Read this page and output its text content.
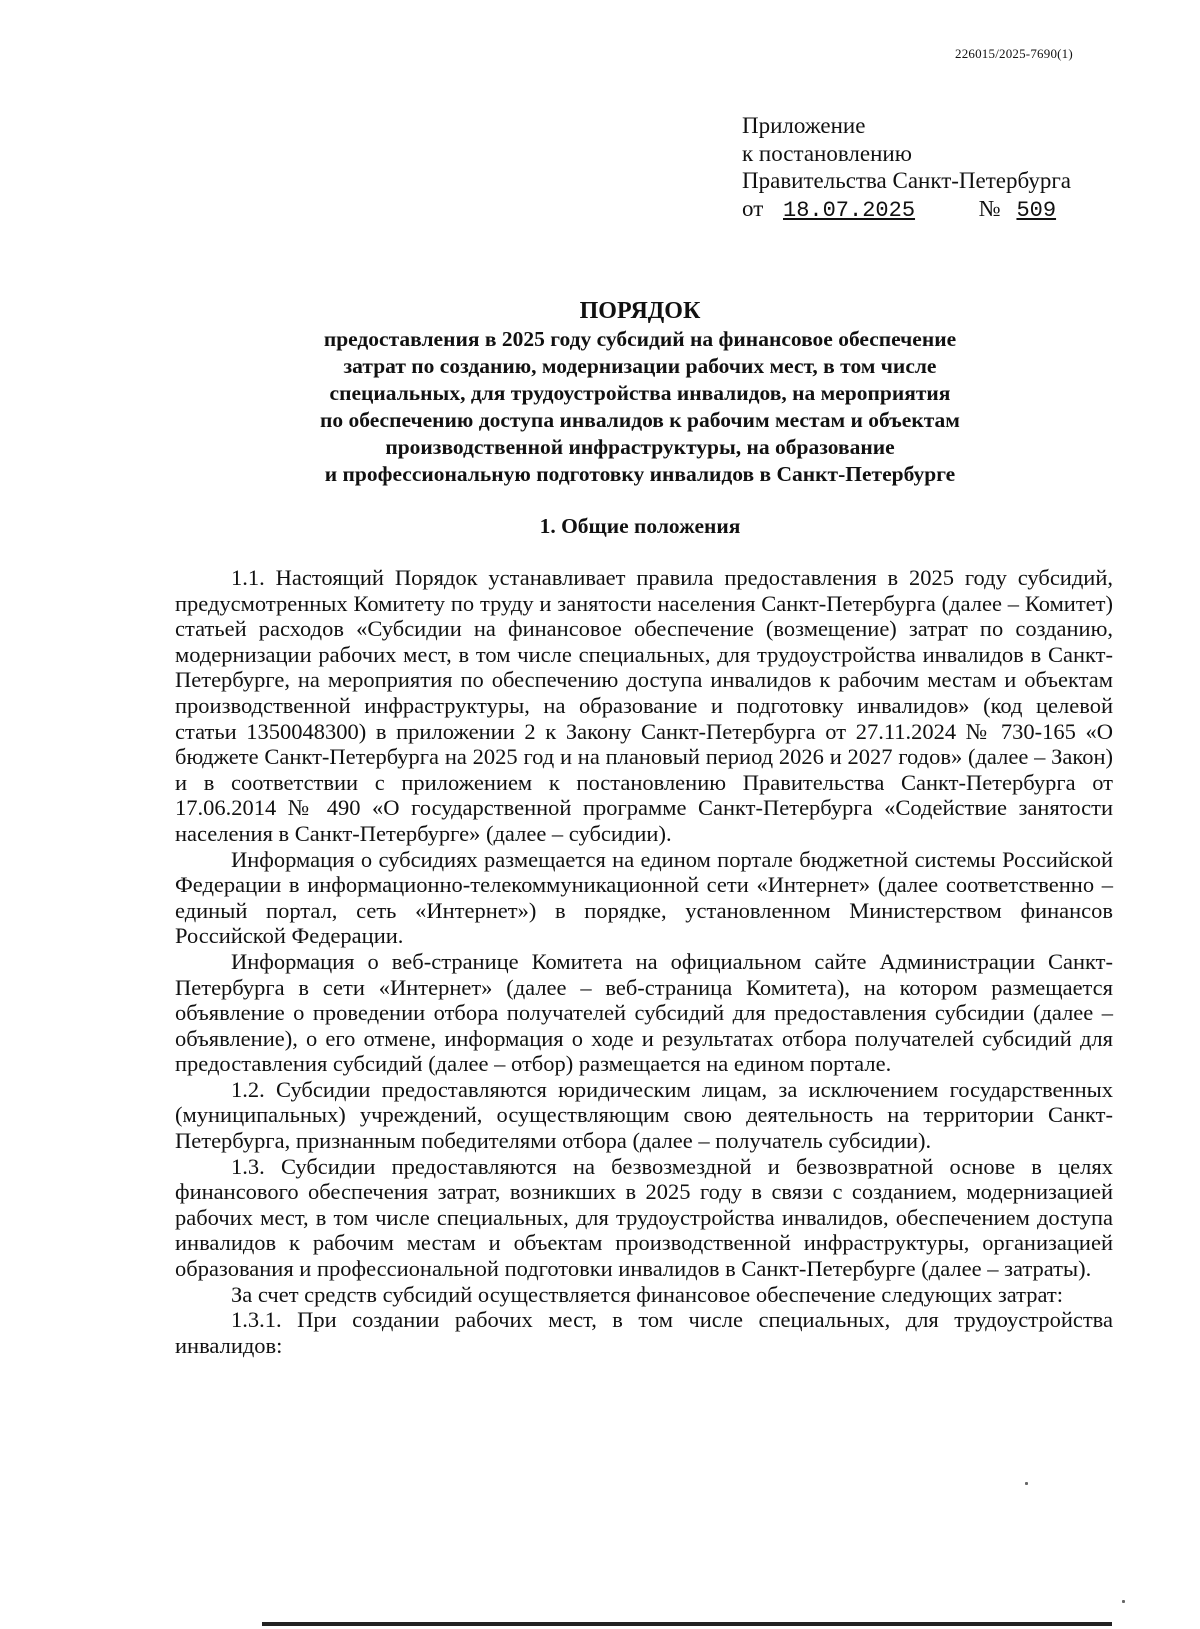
226015/2025-7690(1)
Приложение
к постановлению
Правительства Санкт-Петербурга
от 18.07.2025	№ 509
ПОРЯДОК
предоставления в 2025 году субсидий на финансовое обеспечение
затрат по созданию, модернизации рабочих мест, в том числе
специальных, для трудоустройства инвалидов, на мероприятия
по обеспечению доступа инвалидов к рабочим местам и объектам
производственной инфраструктуры, на образование
и профессиональную подготовку инвалидов в Санкт-Петербурге
1. Общие положения

1.1. Настоящий Порядок устанавливает правила предоставления в 2025 году субсидий, предусмотренных Комитету по труду и занятости населения Санкт-Петербурга (далее – Комитет) статьей расходов «Субсидии на финансовое обеспечение (возмещение) затрат по созданию, модернизации рабочих мест, в том числе специальных, для трудоустройства инвалидов в Санкт-Петербурге, на мероприятия по обеспечению доступа инвалидов к рабочим местам и объектам производственной инфраструктуры, на образование и подготовку инвалидов» (код целевой статьи 1350048300) в приложении 2 к Закону Санкт-Петербурга от 27.11.2024 № 730-165 «О бюджете Санкт-Петербурга на 2025 год и на плановый период 2026 и 2027 годов» (далее – Закон) и в соответствии с приложением к постановлению Правительства Санкт-Петербурга от 17.06.2014 № 490 «О государственной программе Санкт-Петербурга «Содействие занятости населения в Санкт-Петербурге» (далее – субсидии).

Информация о субсидиях размещается на едином портале бюджетной системы Российской Федерации в информационно-телекоммуникационной сети «Интернет» (далее соответственно – единый портал, сеть «Интернет») в порядке, установленном Министерством финансов Российской Федерации.

Информация о веб-странице Комитета на официальном сайте Администрации Санкт-Петербурга в сети «Интернет» (далее – веб-страница Комитета), на котором размещается объявление о проведении отбора получателей субсидий для предоставления субсидии (далее – объявление), о его отмене, информация о ходе и результатах отбора получателей субсидий для предоставления субсидий (далее – отбор) размещается на едином портале.

1.2. Субсидии предоставляются юридическим лицам, за исключением государственных (муниципальных) учреждений, осуществляющим свою деятельность на территории Санкт-Петербурга, признанным победителями отбора (далее – получатель субсидии).

1.3. Субсидии предоставляются на безвозмездной и безвозвратной основе в целях финансового обеспечения затрат, возникших в 2025 году в связи с созданием, модернизацией рабочих мест, в том числе специальных, для трудоустройства инвалидов, обеспечением доступа инвалидов к рабочим местам и объектам производственной инфраструктуры, организацией образования и профессиональной подготовки инвалидов в Санкт-Петербурге (далее – затраты).

За счет средств субсидий осуществляется финансовое обеспечение следующих затрат:

1.3.1. При создании рабочих мест, в том числе специальных, для трудоустройства инвалидов:
